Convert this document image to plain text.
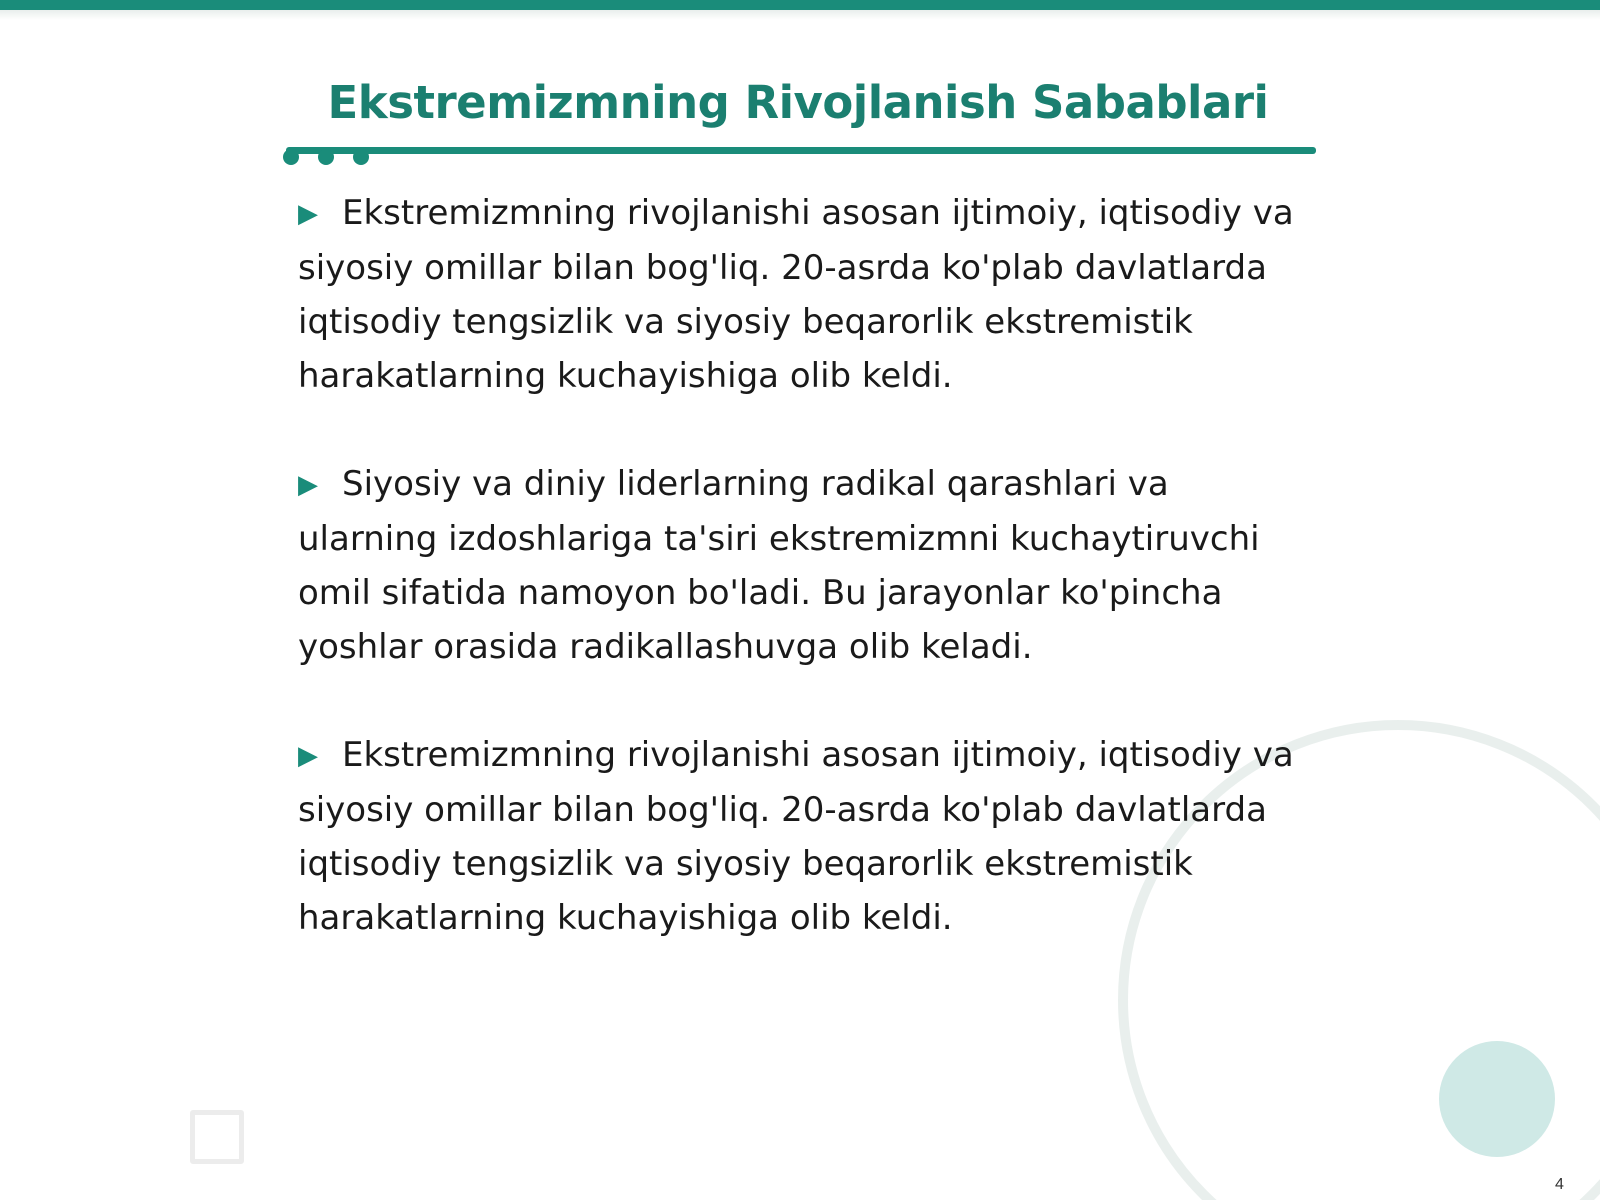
Ekstremizmning Rivojlanish Sabablari

▶ Ekstremizmning rivojlanishi asosan ijtimoiy, iqtisodiy va siyosiy omillar bilan bog'liq. 20-asrda ko'plab davlatlarda iqtisodiy tengsizlik va siyosiy beqarorlik ekstremistik harakatlarning kuchayishiga olib keldi.

▶ Siyosiy va diniy liderlarning radikal qarashlari va ularning izdoshlariga ta'siri ekstremizmni kuchaytiruvchi omil sifatida namoyon bo'ladi. Bu jarayonlar ko'pincha yoshlar orasida radikallashuvga olib keladi.

▶ Ekstremizmning rivojlanishi asosan ijtimoiy, iqtisodiy va siyosiy omillar bilan bog'liq. 20-asrda ko'plab davlatlarda iqtisodiy tengsizlik va siyosiy beqarorlik ekstremistik harakatlarning kuchayishiga olib keldi.

4
